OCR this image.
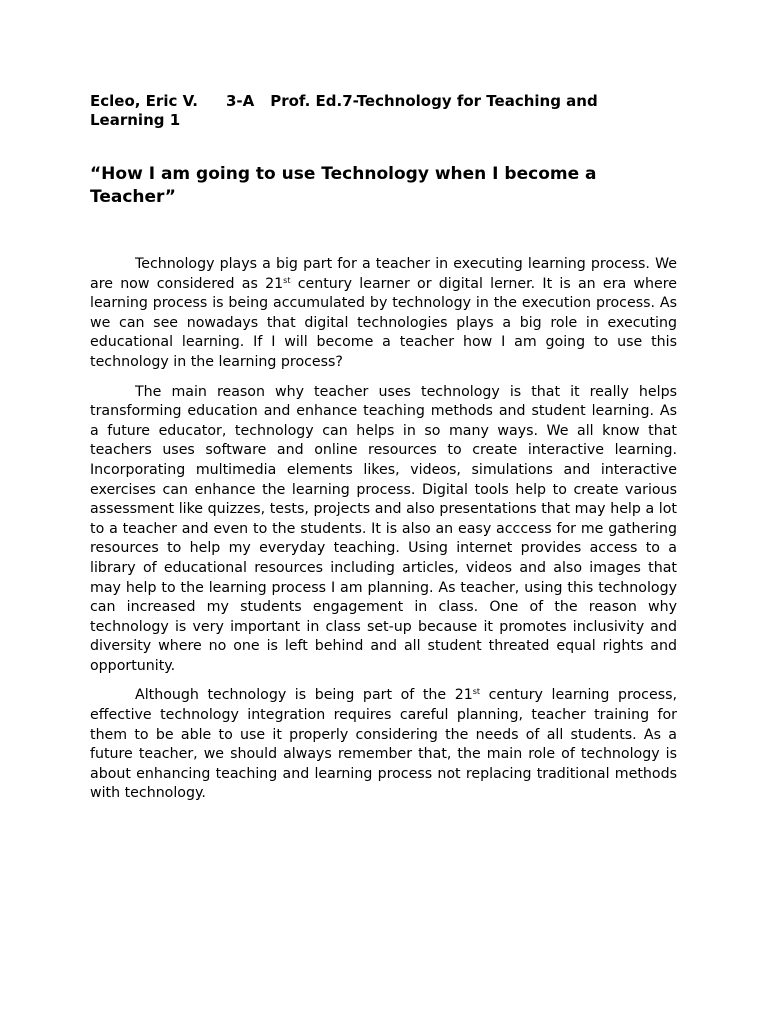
Ecleo, Eric V. 3-A Prof. Ed.7-Technology for Teaching and Learning 1

“How I am going to use Technology when I become a Teacher”

Technology plays a big part for a teacher in executing learning process. We are now considered as 21st century learner or digital lerner. It is an era where learning process is being accumulated by technology in the execution process. As we can see nowadays that digital technologies plays a big role in executing educational learning. If I will become a teacher how I am going to use this technology in the learning process?

The main reason why teacher uses technology is that it really helps transforming education and enhance teaching methods and student learning. As a future educator, technology can helps in so many ways. We all know that teachers uses software and online resources to create interactive learning. Incorporating multimedia elements likes, videos, simulations and interactive exercises can enhance the learning process. Digital tools help to create various assessment like quizzes, tests, projects and also presentations that may help a lot to a teacher and even to the students. It is also an easy acccess for me gathering resources to help my everyday teaching. Using internet provides access to a library of educational resources including articles, videos and also images that may help to the learning process I am planning. As teacher, using this technology can increased my students engagement in class. One of the reason why technology is very important in class set-up because it promotes inclusivity and diversity where no one is left behind and all student threated equal rights and opportunity.

Although technology is being part of the 21st century learning process, effective technology integration requires careful planning, teacher training for them to be able to use it properly considering the needs of all students. As a future teacher, we should always remember that, the main role of technology is about enhancing teaching and learning process not replacing traditional methods with technology.
